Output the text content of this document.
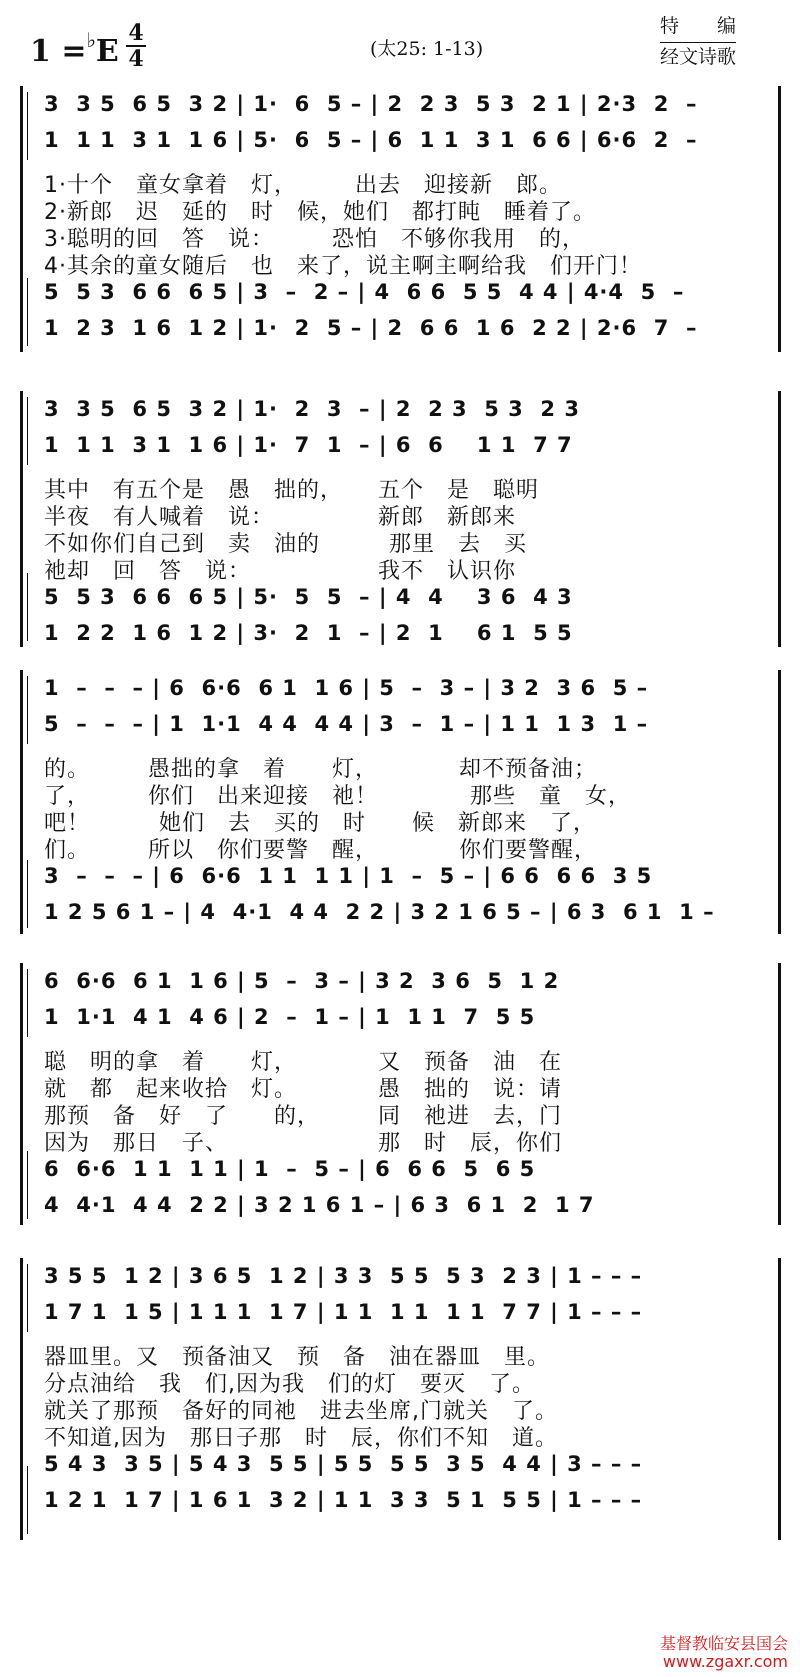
1 =♭E
4
4	(太25: 1-13)
特　　编
经文诗歌
3  3 5  6 5  3 2 | 1·  6  5 – | 2  2 3  5 3  2 1 | 2·3  2  –
1  1 1  3 1  1 6 | 5·  6  5 – | 6  1 1  3 1  6 6 | 6·6  2  –
1·十个　童女拿着　灯，　　　出去　迎接新　郎。
2·新郎　迟　延的　时　候，她们　都打盹　睡着了。
3·聪明的回　答　说：　　　恐怕　不够你我用　的，
4·其余的童女随后　也　来了，说主啊主啊给我　们开门！
5  5 3  6 6  6 5 | 3  –  2 – | 4  6 6  5 5  4 4 | 4·4  5  –
1  2 3  1 6  1 2 | 1·  2  5 – | 2  6 6  1 6  2 2 | 2·6  7  –
3  3 5  6 5  3 2 | 1·  2  3  – | 2  2 3  5 3  2 3
1  1 1  3 1  1 6 | 1·  7  1  – | 6  6    1 1  7 7
其中　有五个是　愚　拙的，　　五个　是　聪明
半夜　有人喊着　说：　　　　　新郎　新郎来
不如你们自己到　卖　油的　　　那里　去　买
祂却　回　答　说：　　　　　　我不　认识你
5  5 3  6 6  6 5 | 5·  5  5  – | 4  4    3 6  4 3
1  2 2  1 6  1 2 | 3·  2  1  – | 2  1    6 1  5 5
1  –  –  – | 6  6·6  6 1  1 6 | 5  –  3 – | 3 2  3 6  5 –
5  –  –  – | 1  1·1  4 4  4 4 | 3  –  1 – | 1 1  1 3  1 –
的。　　　愚拙的拿　着　　灯，　　　　却不预备油；
了，　　　你们　出来迎接　祂！　　　　那些　童　女，
吧！　　　她们　去　买的　时　　候　新郎来　了，
们。　　　所以　你们要警　醒，　　　　你们要警醒，
3  –  –  – | 6  6·6  1 1  1 1 | 1  –  5 – | 6 6  6 6  3 5
1 2 5 6 1 – | 4  4·1  4 4  2 2 | 3 2 1 6 5 – | 6 3  6 1  1 –
6  6·6  6 1  1 6 | 5  –  3 – | 3 2  3 6  5  1 2
1  1·1  4 1  4 6 | 2  –  1 – | 1  1 1  7  5 5
聪　明的拿　着　　灯，　　　　又　预备　油　在
就　都　起来收拾　灯。　　　　愚　拙的　说：请
那预　备　好　了　　的，　　　同　祂进　去，门
因为　那日　子、　　　　　　　那　时　辰，你们
6  6·6  1 1  1 1 | 1  –  5 – | 6  6 6  5  6 5
4  4·1  4 4  2 2 | 3 2 1 6 1 – | 6 3  6 1  2  1 7
3 5 5  1 2 | 3 6 5  1 2 | 3 3  5 5  5 3  2 3 | 1 – – –
1 7 1  1 5 | 1 1 1  1 7 | 1 1  1 1  1 1  7 7 | 1 – – –
器皿里。又　预备油又　预　备　油在器皿　里。
分点油给　我　们,因为我　们的灯　要灭　了。
就关了那预　备好的同祂　进去坐席,门就关　了。
不知道,因为　那日子那　时　辰，你们不知　道。
5 4 3  3 5 | 5 4 3  5 5 | 5 5  5 5  3 5  4 4 | 3 – – –
1 2 1  1 7 | 1 6 1  3 2 | 1 1  3 3  5 1  5 5 | 1 – – –
基督教临安县国会
www.zgaxr.com
